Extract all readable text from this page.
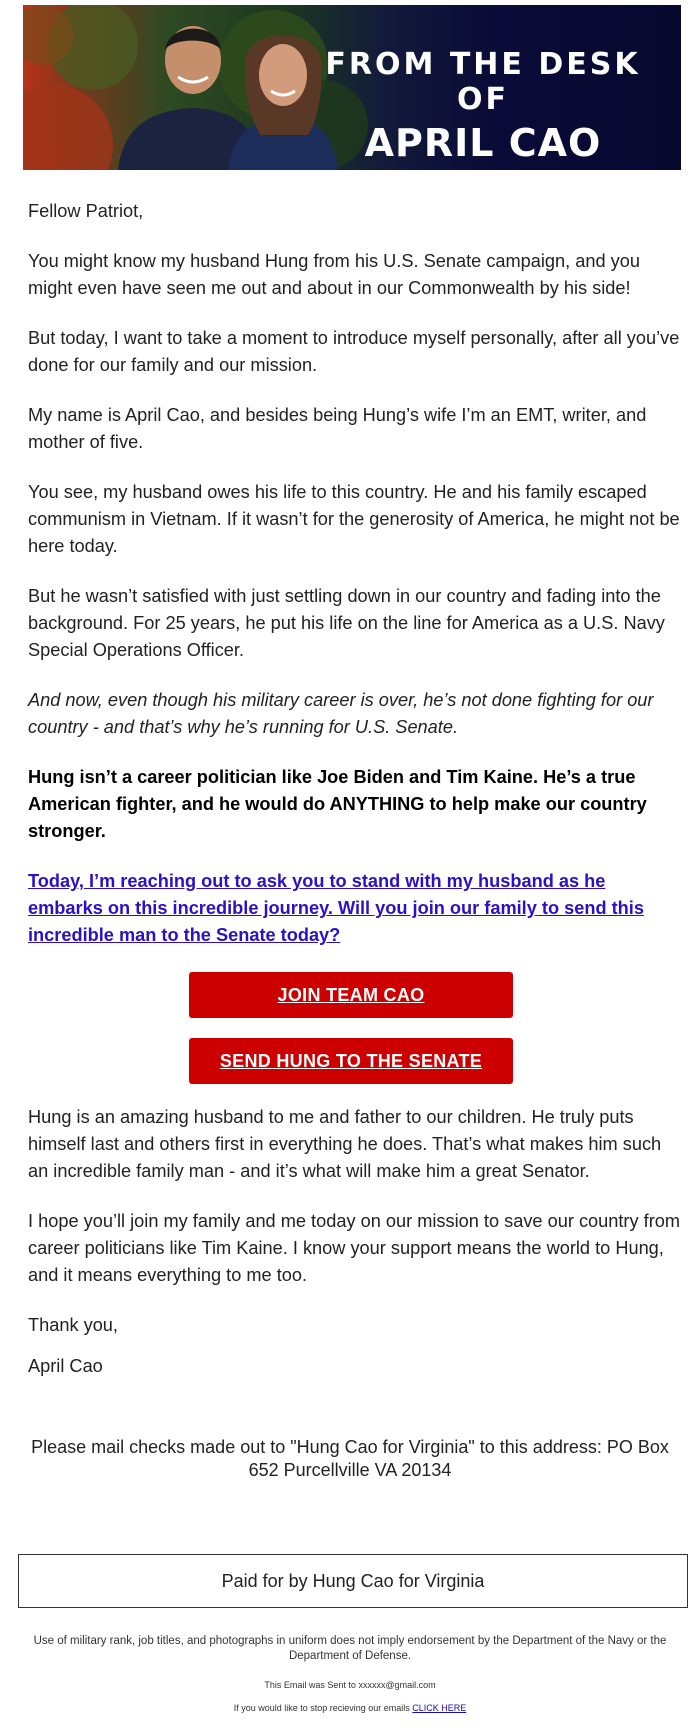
FROM THE DESK OF
APRIL CAO

Fellow Patriot,

You might know my husband Hung from his U.S. Senate campaign, and you might even have seen me out and about in our Commonwealth by his side!

But today, I want to take a moment to introduce myself personally, after all you’ve done for our family and our mission.

My name is April Cao, and besides being Hung’s wife I’m an EMT, writer, and mother of five.

You see, my husband owes his life to this country. He and his family escaped communism in Vietnam. If it wasn’t for the generosity of America, he might not be here today.

But he wasn’t satisfied with just settling down in our country and fading into the background. For 25 years, he put his life on the line for America as a U.S. Navy Special Operations Officer.

And now, even though his military career is over, he’s not done fighting for our country - and that’s why he’s running for U.S. Senate.

Hung isn’t a career politician like Joe Biden and Tim Kaine. He’s a true American fighter, and he would do ANYTHING to help make our country stronger.

Today, I’m reaching out to ask you to stand with my husband as he embarks on this incredible journey. Will you join our family to send this incredible man to the Senate today?

JOIN TEAM CAO
SEND HUNG TO THE SENATE

Hung is an amazing husband to me and father to our children. He truly puts himself last and others first in everything he does. That’s what makes him such an incredible family man - and it’s what will make him a great Senator.

I hope you’ll join my family and me today on our mission to save our country from career politicians like Tim Kaine. I know your support means the world to Hung, and it means everything to me too.

Thank you,

April Cao

Please mail checks made out to "Hung Cao for Virginia" to this address: PO Box 652 Purcellville VA 20134
Paid for by Hung Cao for Virginia
Use of military rank, job titles, and photographs in uniform does not imply endorsement by the Department of the Navy or the Department of Defense.
This Email was Sent to xxxxxx@gmail.com
If you would like to stop recieving our emails CLICK HERE
